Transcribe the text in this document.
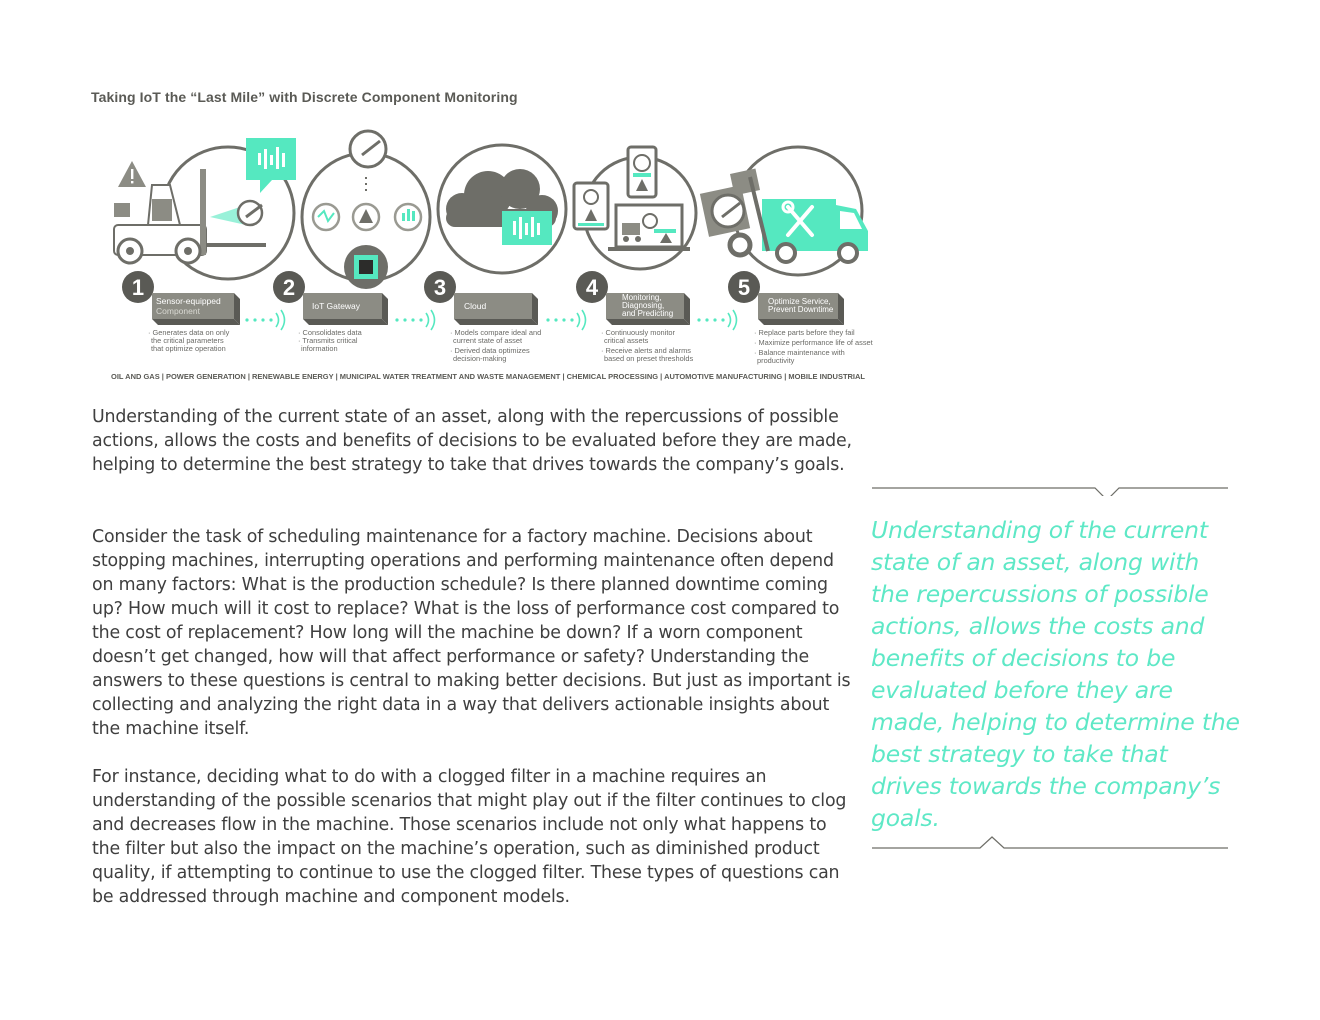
Taking IoT the “Last Mile” with Discrete Component Monitoring
1
Sensor-equipped
Component
2
IoT Gateway
3
Cloud
4	Monitoring,
Diagnosing,
and Predicting
5
Optimize Service,
Prevent Downtime
· Generates data on only
the critical parameters
that optimize operation
· Consolidates data
· Transmits critical
information
· Models compare ideal and
current state of asset
· Derived data optimizes
decision-making
· Continuously monitor
critical assets
· Receive alerts and alarms
based on preset thresholds
· Replace parts before they fail
· Maximize performance life of asset
· Balance maintenance with
productivity
OIL AND GAS | POWER GENERATION | RENEWABLE ENERGY | MUNICIPAL WATER TREATMENT AND WASTE MANAGEMENT | CHEMICAL PROCESSING | AUTOMOTIVE MANUFACTURING | MOBILE INDUSTRIAL

Understanding of the current state of an asset, along with the repercussions of possible actions, allows the costs and benefits of decisions to be evaluated before they are made, helping to determine the best strategy to take that drives towards the company’s goals.

Consider the task of scheduling maintenance for a factory machine. Decisions about stopping machines, interrupting operations and performing maintenance often depend on many factors: What is the production schedule? Is there planned downtime coming up? How much will it cost to replace? What is the loss of performance cost compared to the cost of replacement? How long will the machine be down? If a worn component doesn’t get changed, how will that affect performance or safety? Understanding the answers to these questions is central to making better decisions. But just as important is collecting and analyzing the right data in a way that delivers actionable insights about the machine itself.

For instance, deciding what to do with a clogged filter in a machine requires an understanding of the possible scenarios that might play out if the filter continues to clog and decreases flow in the machine. Those scenarios include not only what happens to the filter but also the impact on the machine’s operation, such as diminished product quality, if attempting to continue to use the clogged filter. These types of questions can be addressed through machine and component models.

Understanding of the current state of an asset, along with the repercussions of possible actions, allows the costs and benefits of decisions to be evaluated before they are made, helping to determine the best strategy to take that drives towards the company’s goals.
